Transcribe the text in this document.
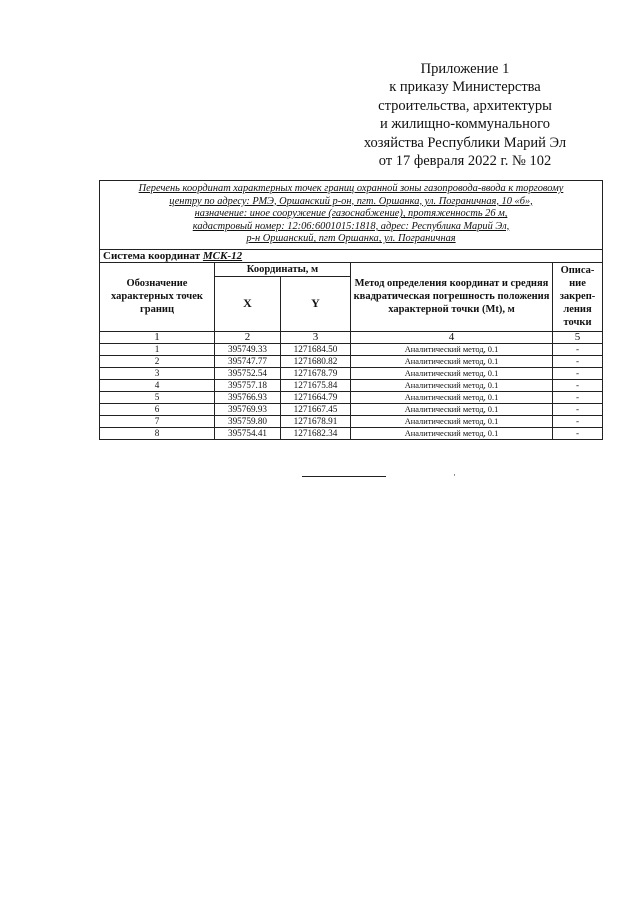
Приложение 1
к приказу Министерства
строительства, архитектуры
и жилищно-коммунального
хозяйства Республики Марий Эл
от 17 февраля 2022 г. № 102
Перечень координат характерных точек границ охранной зоны газопровода-ввода к торговому
центру по адресу: РМЭ, Оршанский р-он, пгт. Оршанка, ул. Пограничная, 10 «б»,
назначение: иное сооружение (газоснабжение), протяженность 26 м,
кадастровый номер: 12:06:6001015:1818, адрес: Республика Марий Эл,
р-н Оршанский, пгт Оршанка, ул. Пограничная				

Система координат МСК-12				
Обозначение характерных точек границ	Координаты, м		Метод определения координат и средняя квадратическая погрешность положения характерной точки (Mt), м	Описа-ние закреп-ления точки
	X	Y		
1	2	3	4	5
1	395749.33	1271684.50	Аналитический метод, 0.1	-
2	395747.77	1271680.82	Аналитический метод, 0.1	-
3	395752.54	1271678.79	Аналитический метод, 0.1	-
4	395757.18	1271675.84	Аналитический метод, 0.1	-
5	395766.93	1271664.79	Аналитический метод, 0.1	-
6	395769.93	1271667.45	Аналитический метод, 0.1	-
7	395759.80	1271678.91	Аналитический метод, 0.1	-
8	395754.41	1271682.34	Аналитический метод, 0.1	-
·
